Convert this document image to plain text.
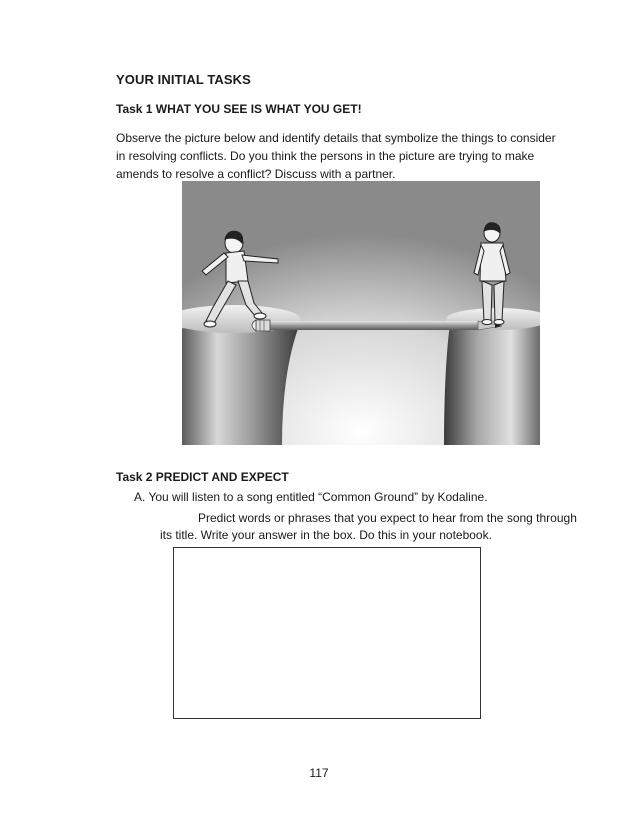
YOUR INITIAL TASKS
Task 1 WHAT YOU SEE IS WHAT YOU GET!
Observe the picture below and identify details that symbolize the things to consider
in resolving conflicts. Do you think the persons in the picture are trying to make
amends to resolve a conflict? Discuss with a partner.
Task 2 PREDICT AND EXPECT
A. You will listen to a song entitled “Common Ground” by Kodaline.
Predict words or phrases that you expect to hear from the song through
its title. Write your answer in the box. Do this in your notebook.
117
